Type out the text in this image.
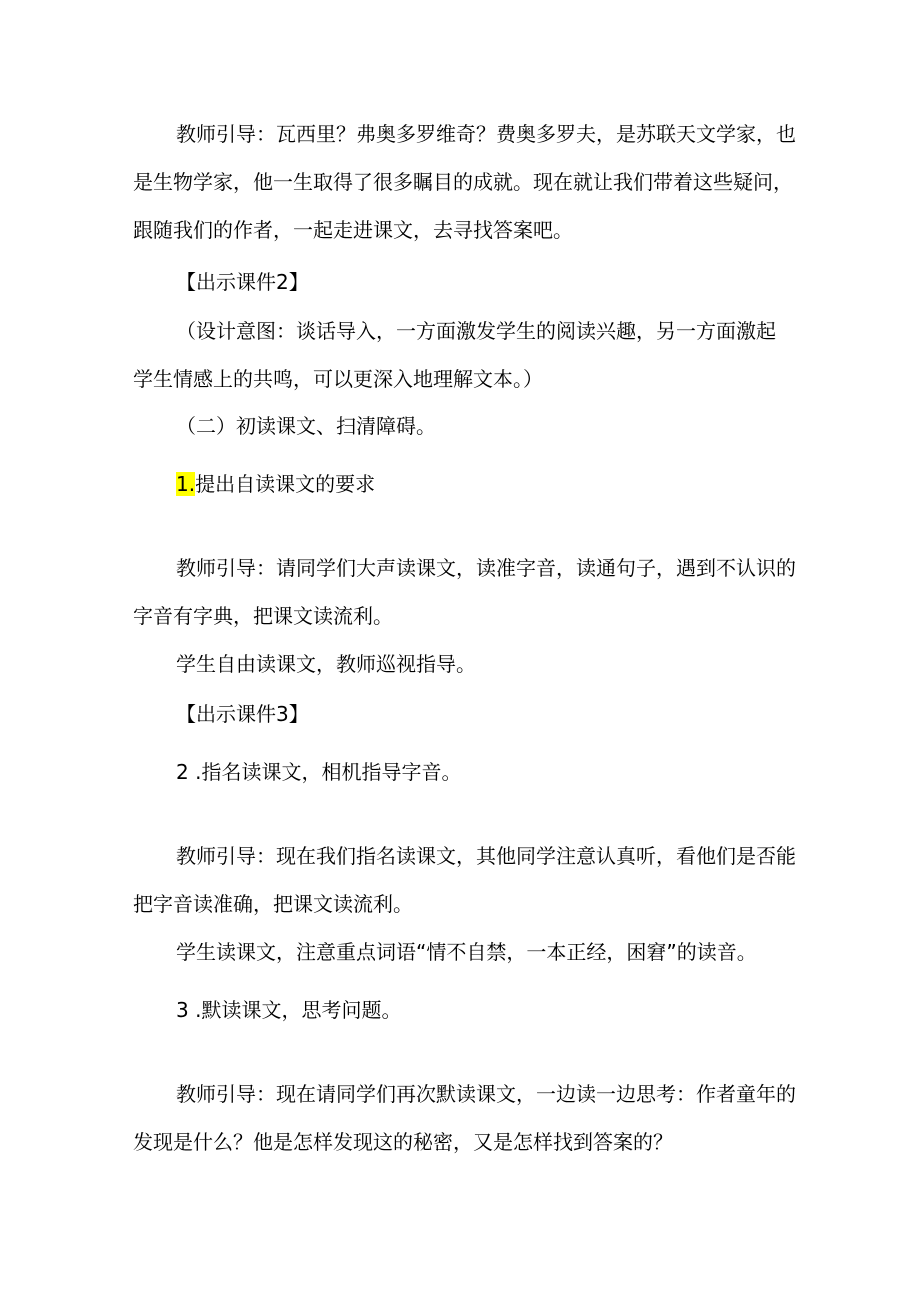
教师引导：瓦西里？弗奥多罗维奇？费奥多罗夫，是苏联天文学家，也
是生物学家，他一生取得了很多瞩目的成就。现在就让我们带着这些疑问，
跟随我们的作者，一起走进课文，去寻找答案吧。
【出示课件2】
（设计意图：谈话导入，一方面激发学生的阅读兴趣，另一方面激起
学生情感上的共鸣，可以更深入地理解文本。）
（二）初读课文、扫清障碍。
1.提出自读课文的要求
教师引导：请同学们大声读课文，读准字音，读通句子，遇到不认识的
字音有字典，把课文读流利。
学生自由读课文，教师巡视指导。
【出示课件3】
2 .指名读课文，相机指导字音。
教师引导：现在我们指名读课文，其他同学注意认真听，看他们是否能
把字音读准确，把课文读流利。
学生读课文，注意重点词语“情不自禁，一本正经，困窘”的读音。
3 .默读课文，思考问题。
教师引导：现在请同学们再次默读课文，一边读一边思考：作者童年的
发现是什么？他是怎样发现这的秘密，又是怎样找到答案的？
